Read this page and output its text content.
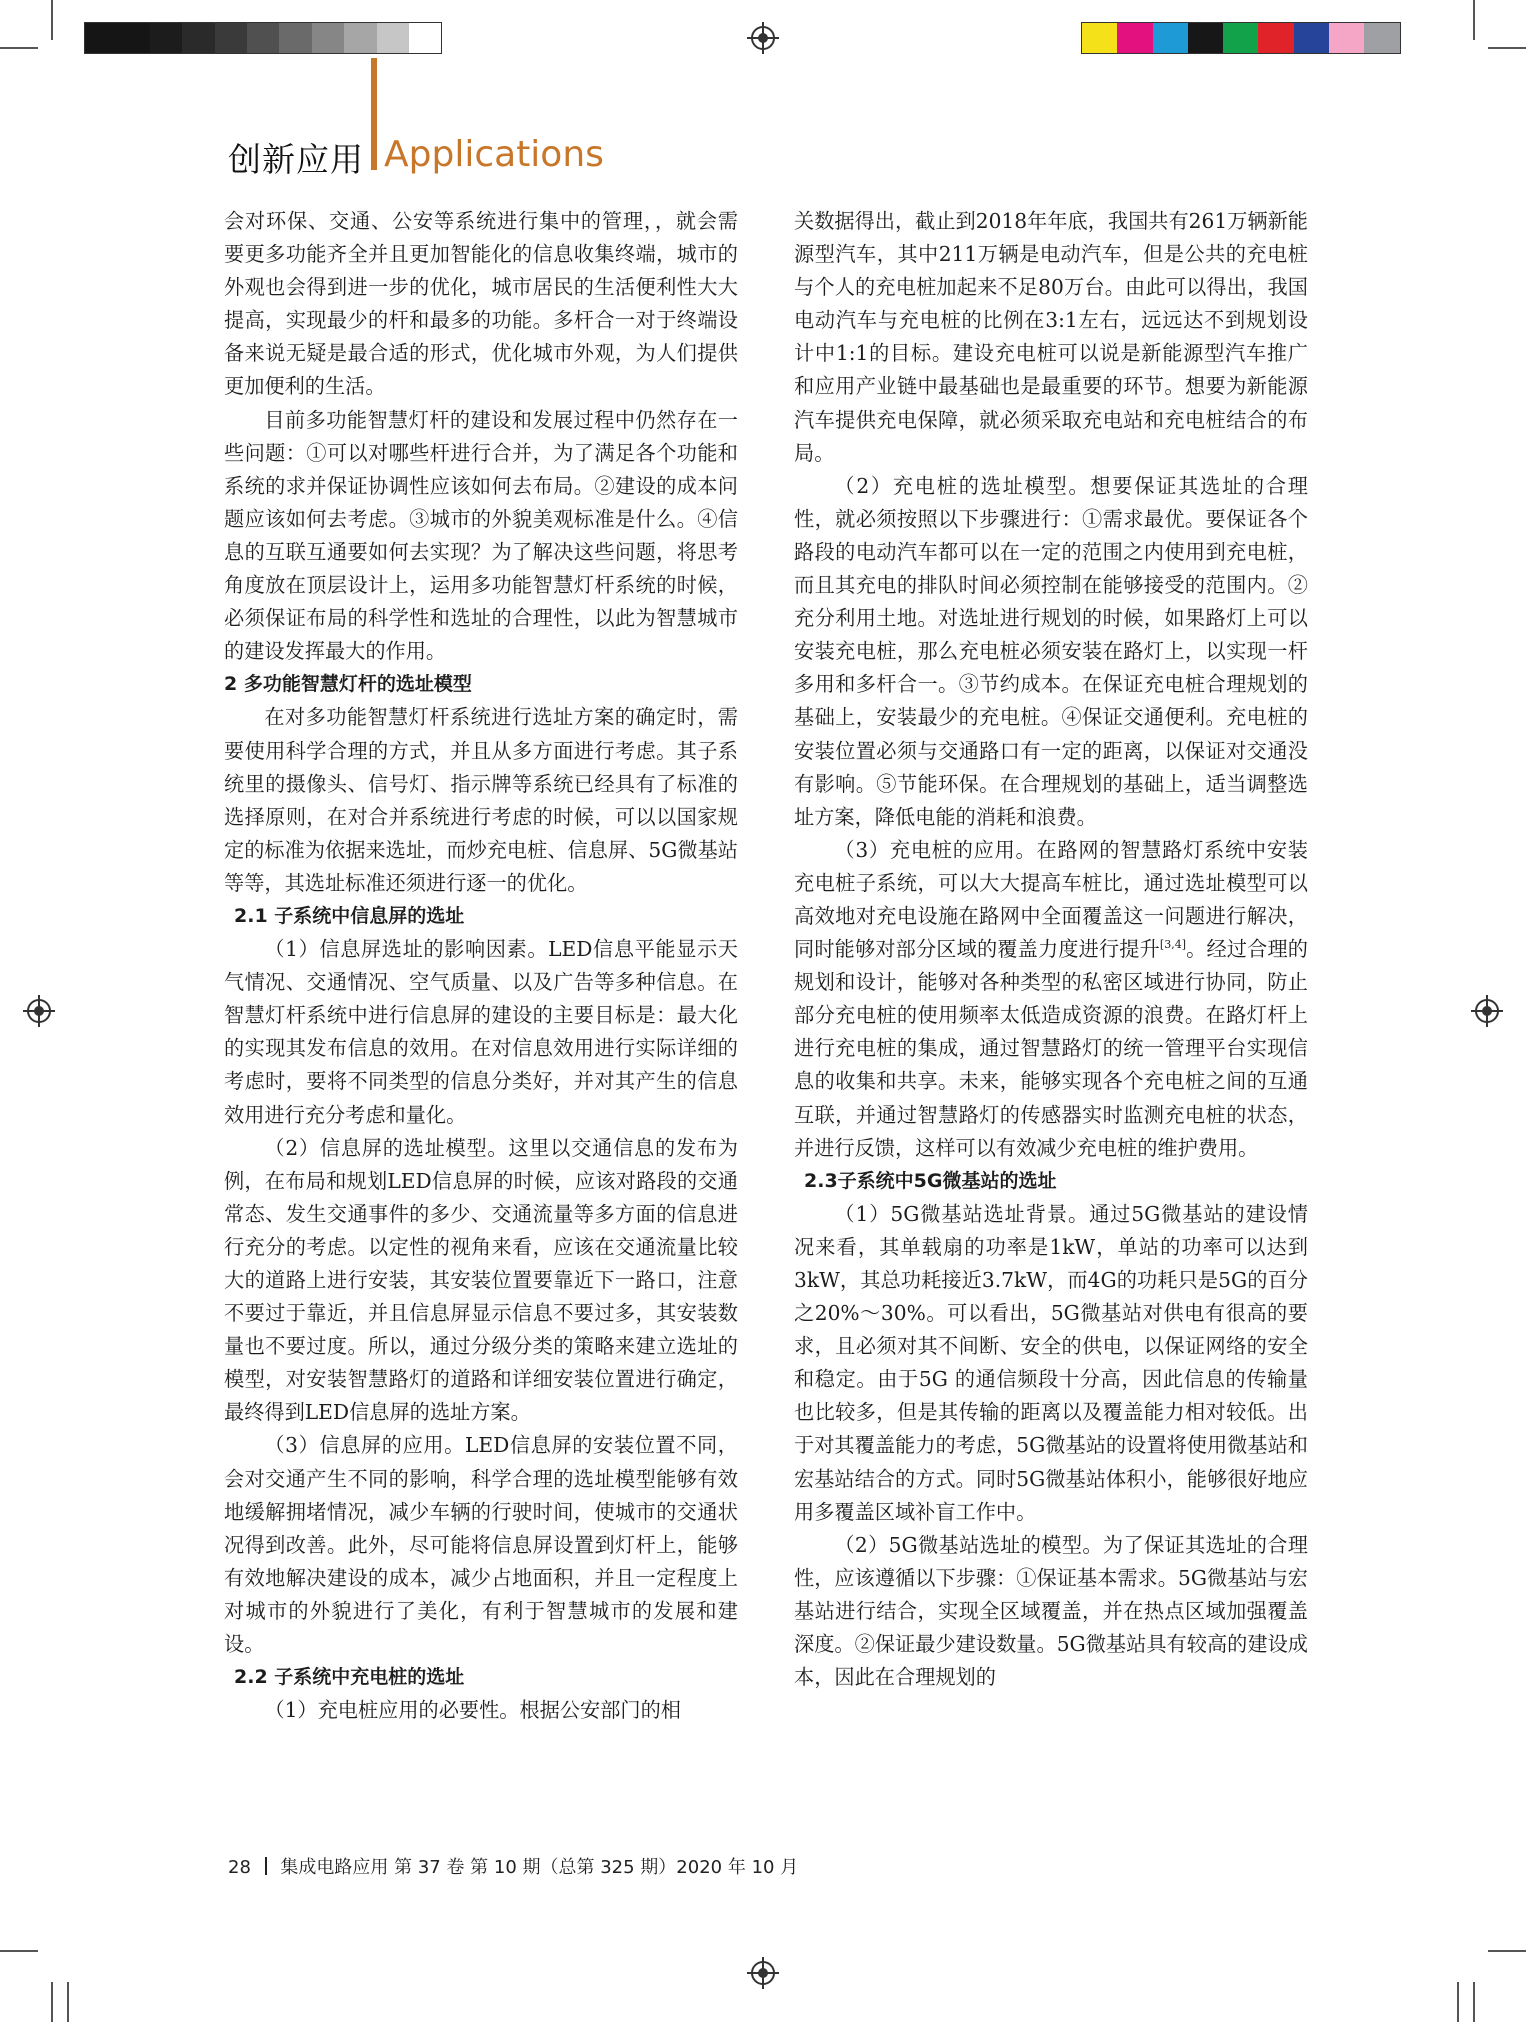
创新应用 Applications

会对环保、交通、公安等系统进行集中的管理，，就会需要更多功能齐全并且更加智能化的信息收集终端，城市的外观也会得到进一步的优化，城市居民的生活便利性大大提高，实现最少的杆和最多的功能。多杆合一对于终端设备来说无疑是最合适的形式，优化城市外观，为人们提供更加便利的生活。

目前多功能智慧灯杆的建设和发展过程中仍然存在一些问题：①可以对哪些杆进行合并，为了满足各个功能和系统的求并保证协调性应该如何去布局。②建设的成本问题应该如何去考虑。③城市的外貌美观标准是什么。④信息的互联互通要如何去实现？为了解决这些问题，将思考角度放在顶层设计上，运用多功能智慧灯杆系统的时候，必须保证布局的科学性和选址的合理性，以此为智慧城市的建设发挥最大的作用。

2 多功能智慧灯杆的选址模型

在对多功能智慧灯杆系统进行选址方案的确定时，需要使用科学合理的方式，并且从多方面进行考虑。其子系统里的摄像头、信号灯、指示牌等系统已经具有了标准的选择原则，在对合并系统进行考虑的时候，可以以国家规定的标准为依据来选址，而炒充电桩、信息屏、5G微基站等等，其选址标准还须进行逐一的优化。

2.1 子系统中信息屏的选址

（1）信息屏选址的影响因素。LED信息平能显示天气情况、交通情况、空气质量、以及广告等多种信息。在智慧灯杆系统中进行信息屏的建设的主要目标是：最大化的实现其发布信息的效用。在对信息效用进行实际详细的考虑时，要将不同类型的信息分类好，并对其产生的信息效用进行充分考虑和量化。

（2）信息屏的选址模型。这里以交通信息的发布为例，在布局和规划LED信息屏的时候，应该对路段的交通常态、发生交通事件的多少、交通流量等多方面的信息进行充分的考虑。以定性的视角来看，应该在交通流量比较大的道路上进行安装，其安装位置要靠近下一路口，注意不要过于靠近，并且信息屏显示信息不要过多，其安装数量也不要过度。所以，通过分级分类的策略来建立选址的模型，对安装智慧路灯的道路和详细安装位置进行确定，最终得到LED信息屏的选址方案。

（3）信息屏的应用。LED信息屏的安装位置不同，会对交通产生不同的影响，科学合理的选址模型能够有效地缓解拥堵情况，减少车辆的行驶时间，使城市的交通状况得到改善。此外，尽可能将信息屏设置到灯杆上，能够有效地解决建设的成本，减少占地面积，并且一定程度上对城市的外貌进行了美化，有利于智慧城市的发展和建设。

2.2 子系统中充电桩的选址

（1）充电桩应用的必要性。根据公安部门的相

关数据得出，截止到2018年年底，我国共有261万辆新能源型汽车，其中211万辆是电动汽车，但是公共的充电桩与个人的充电桩加起来不足80万台。由此可以得出，我国电动汽车与充电桩的比例在3:1左右，远远达不到规划设计中1:1的目标。建设充电桩可以说是新能源型汽车推广和应用产业链中最基础也是最重要的环节。想要为新能源汽车提供充电保障，就必须采取充电站和充电桩结合的布局。

（2）充电桩的选址模型。想要保证其选址的合理性，就必须按照以下步骤进行：①需求最优。要保证各个路段的电动汽车都可以在一定的范围之内使用到充电桩，而且其充电的排队时间必须控制在能够接受的范围内。②充分利用土地。对选址进行规划的时候，如果路灯上可以安装充电桩，那么充电桩必须安装在路灯上，以实现一杆多用和多杆合一。③节约成本。在保证充电桩合理规划的基础上，安装最少的充电桩。④保证交通便利。充电桩的安装位置必须与交通路口有一定的距离，以保证对交通没有影响。⑤节能环保。在合理规划的基础上，适当调整选址方案，降低电能的消耗和浪费。

（3）充电桩的应用。在路网的智慧路灯系统中安装充电桩子系统，可以大大提高车桩比，通过选址模型可以高效地对充电设施在路网中全面覆盖这一问题进行解决，同时能够对部分区域的覆盖力度进行提升[3,4]。经过合理的规划和设计，能够对各种类型的私密区域进行协同，防止部分充电桩的使用频率太低造成资源的浪费。在路灯杆上进行充电桩的集成，通过智慧路灯的统一管理平台实现信息的收集和共享。未来，能够实现各个充电桩之间的互通互联，并通过智慧路灯的传感器实时监测充电桩的状态，并进行反馈，这样可以有效减少充电桩的维护费用。

2.3子系统中5G微基站的选址

（1）5G微基站选址背景。通过5G微基站的建设情况来看，其单载扇的功率是1kW，单站的功率可以达到3kW，其总功耗接近3.7kW，而4G的功耗只是5G的百分之20%～30%。可以看出，5G微基站对供电有很高的要求，且必须对其不间断、安全的供电，以保证网络的安全和稳定。由于5G 的通信频段十分高，因此信息的传输量也比较多，但是其传输的距离以及覆盖能力相对较低。出于对其覆盖能力的考虑，5G微基站的设置将使用微基站和宏基站结合的方式。同时5G微基站体积小，能够很好地应用多覆盖区域补盲工作中。

（2）5G微基站选址的模型。为了保证其选址的合理性，应该遵循以下步骤：①保证基本需求。5G微基站与宏基站进行结合，实现全区域覆盖，并在热点区域加强覆盖深度。②保证最少建设数量。5G微基站具有较高的建设成本，因此在合理规划的

28 集成电路应用 第 37 卷 第 10 期（总第 325 期）2020 年 10 月
